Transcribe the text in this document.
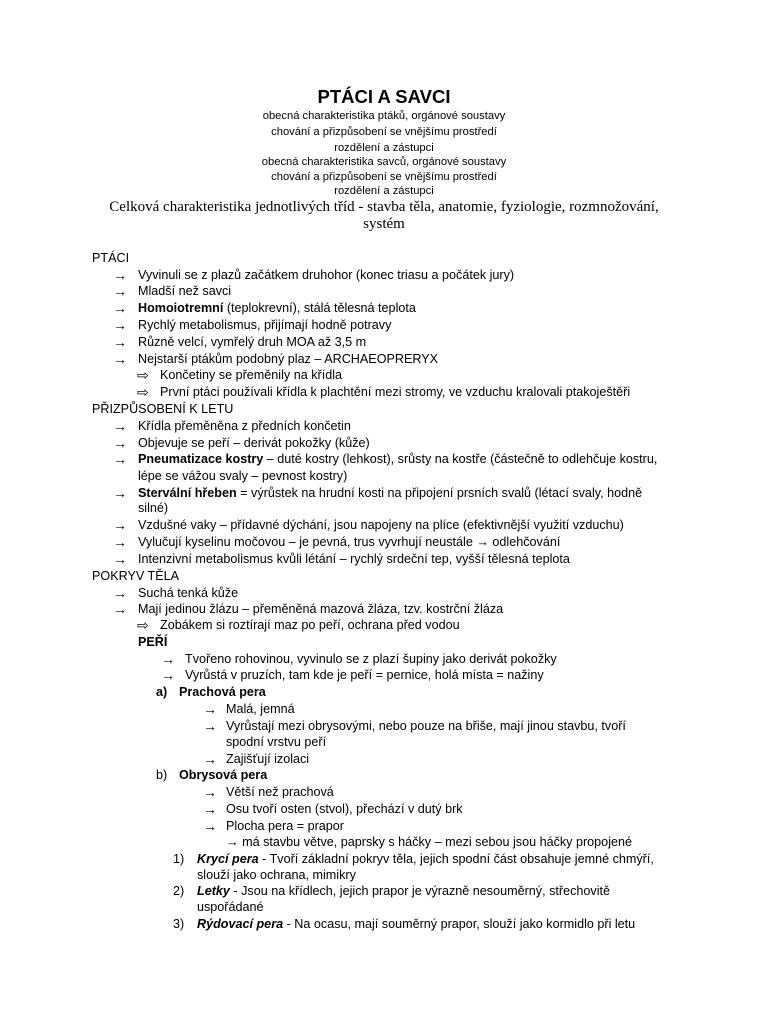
PTÁCI A SAVCI
obecná charakteristika ptáků, orgánové soustavy
chování a přizpůsobení se vnějšímu prostředí
rozdělení a zástupci
obecná charakteristika savců, orgánové soustavy
chování a přizpůsobení se vnějšímu prostředí
rozdělení a zástupci
Celková charakteristika jednotlivých tříd - stavba těla, anatomie, fyziologie, rozmnožování,
systém
PTÁCI
→ Vyvinuli se z plazů začátkem druhohor (konec triasu a počátek jury)
→ Mladší než savci
→ Homoiotremní (teplokrevní), stálá tělesná teplota
→ Rychlý metabolismus, přijímají hodně potravy
→ Různě velcí, vymřelý druh MOA až 3,5 m
→ Nejstarší ptákům podobný plaz – ARCHAEOPRERYX
⇨ Končetiny se přeměnily na křídla
⇨ První ptáci používali křídla k plachtění mezi stromy, ve vzduchu kralovali ptakoještěři
PŘIZPŮSOBENÍ K LETU
→ Křídla přeměněna z předních končetin
→ Objevuje se peří – derivát pokožky (kůže)
→ Pneumatizace kostry – duté kostry (lehkost), srůsty na kostře (částečně to odlehčuje kostru,
lépe se vážou svaly – pevnost kostry)
→ Stervální hřeben = výrůstek na hrudní kosti na připojení prsních svalů (létací svaly, hodně
silné)
→ Vzdušné vaky – přídavné dýchání, jsou napojeny na plíce (efektivnější využití vzduchu)
→ Vylučují kyselinu močovou – je pevná, trus vyvrhují neustále → odlehčování
→ Intenzivní metabolismus kvůli létání – rychlý srdeční tep, vyšší tělesná teplota
POKRYV TĚLA
→ Suchá tenká kůže
→ Mají jedinou žlázu – přeměněná mazová žláza, tzv. kostrční žláza
⇨ Zobákem si roztírají maz po peří, ochrana před vodou
PEŘÍ
→ Tvořeno rohovinou, vyvinulo se z plazí šupiny jako derivát pokožky
→ Vyrůstá v pruzích, tam kde je peří = pernice, holá místa = nažiny
a) Prachová pera
→ Malá, jemná
→ Vyrůstají mezi obrysovými, nebo pouze na břiše, mají jinou stavbu, tvoří
spodní vrstvu peří
→ Zajišťují izolaci
b) Obrysová pera
→ Větší než prachová
→ Osu tvoří osten (stvol), přechází v dutý brk
→ Plocha pera = prapor
→ má stavbu větve, paprsky s háčky – mezi sebou jsou háčky propojené
1) Krycí pera - Tvoří základní pokryv těla, jejich spodní část obsahuje jemné chmýří,
slouží jako ochrana, mimikry
2) Letky - Jsou na křídlech, jejich prapor je výrazně nesouměrný, střechovitě
uspořádané
3) Rýdovací pera - Na ocasu, mají souměrný prapor, slouží jako kormidlo při letu
